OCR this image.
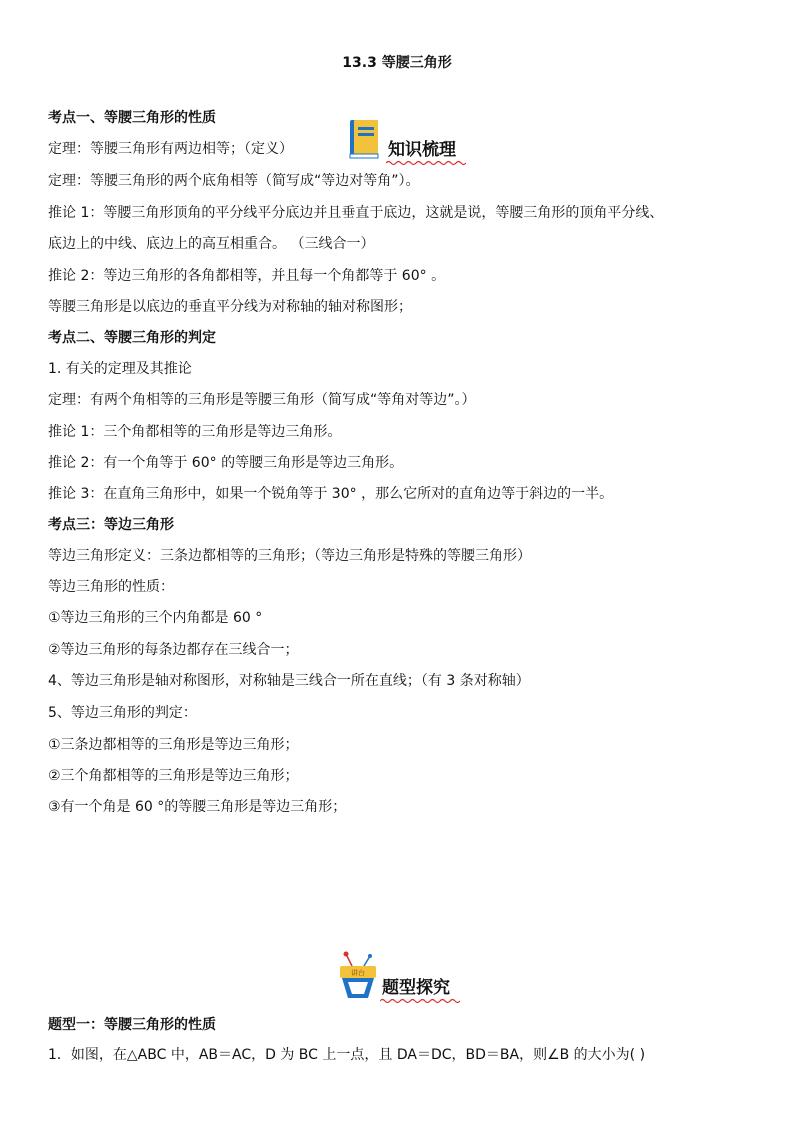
13.3 等腰三角形
考点一、等腰三角形的性质
定理：等腰三角形有两边相等；（定义）
定理：等腰三角形的两个底角相等（简写成“等边对等角”）。
推论 1：等腰三角形顶角的平分线平分底边并且垂直于底边，这就是说，等腰三角形的顶角平分线、
底边上的中线、底边上的高互相重合。 （三线合一）
推论 2：等边三角形的各角都相等，并且每一个角都等于 60° 。
等腰三角形是以底边的垂直平分线为对称轴的轴对称图形；
考点二、等腰三角形的判定
1. 有关的定理及其推论
定理：有两个角相等的三角形是等腰三角形（简写成“等角对等边”。）
推论 1：三个角都相等的三角形是等边三角形。
推论 2：有一个角等于 60° 的等腰三角形是等边三角形。
推论 3：在直角三角形中，如果一个锐角等于 30° ，那么它所对的直角边等于斜边的一半。
考点三：等边三角形
等边三角形定义：三条边都相等的三角形；（等边三角形是特殊的等腰三角形）
等边三角形的性质：
①等边三角形的三个内角都是 60 °
②等边三角形的每条边都存在三线合一；
4、等边三角形是轴对称图形，对称轴是三线合一所在直线；（有 3 条对称轴）
5、等边三角形的判定：
①三条边都相等的三角形是等边三角形；
②三个角都相等的三角形是等边三角形；
③有一个角是 60 °的等腰三角形是等边三角形；
知识梳理
讲台
题型探究
题型一：等腰三角形的性质
1．如图，在△ABC 中，AB＝AC，D 为 BC 上一点，且 DA＝DC，BD＝BA，则∠B 的大小为( )
